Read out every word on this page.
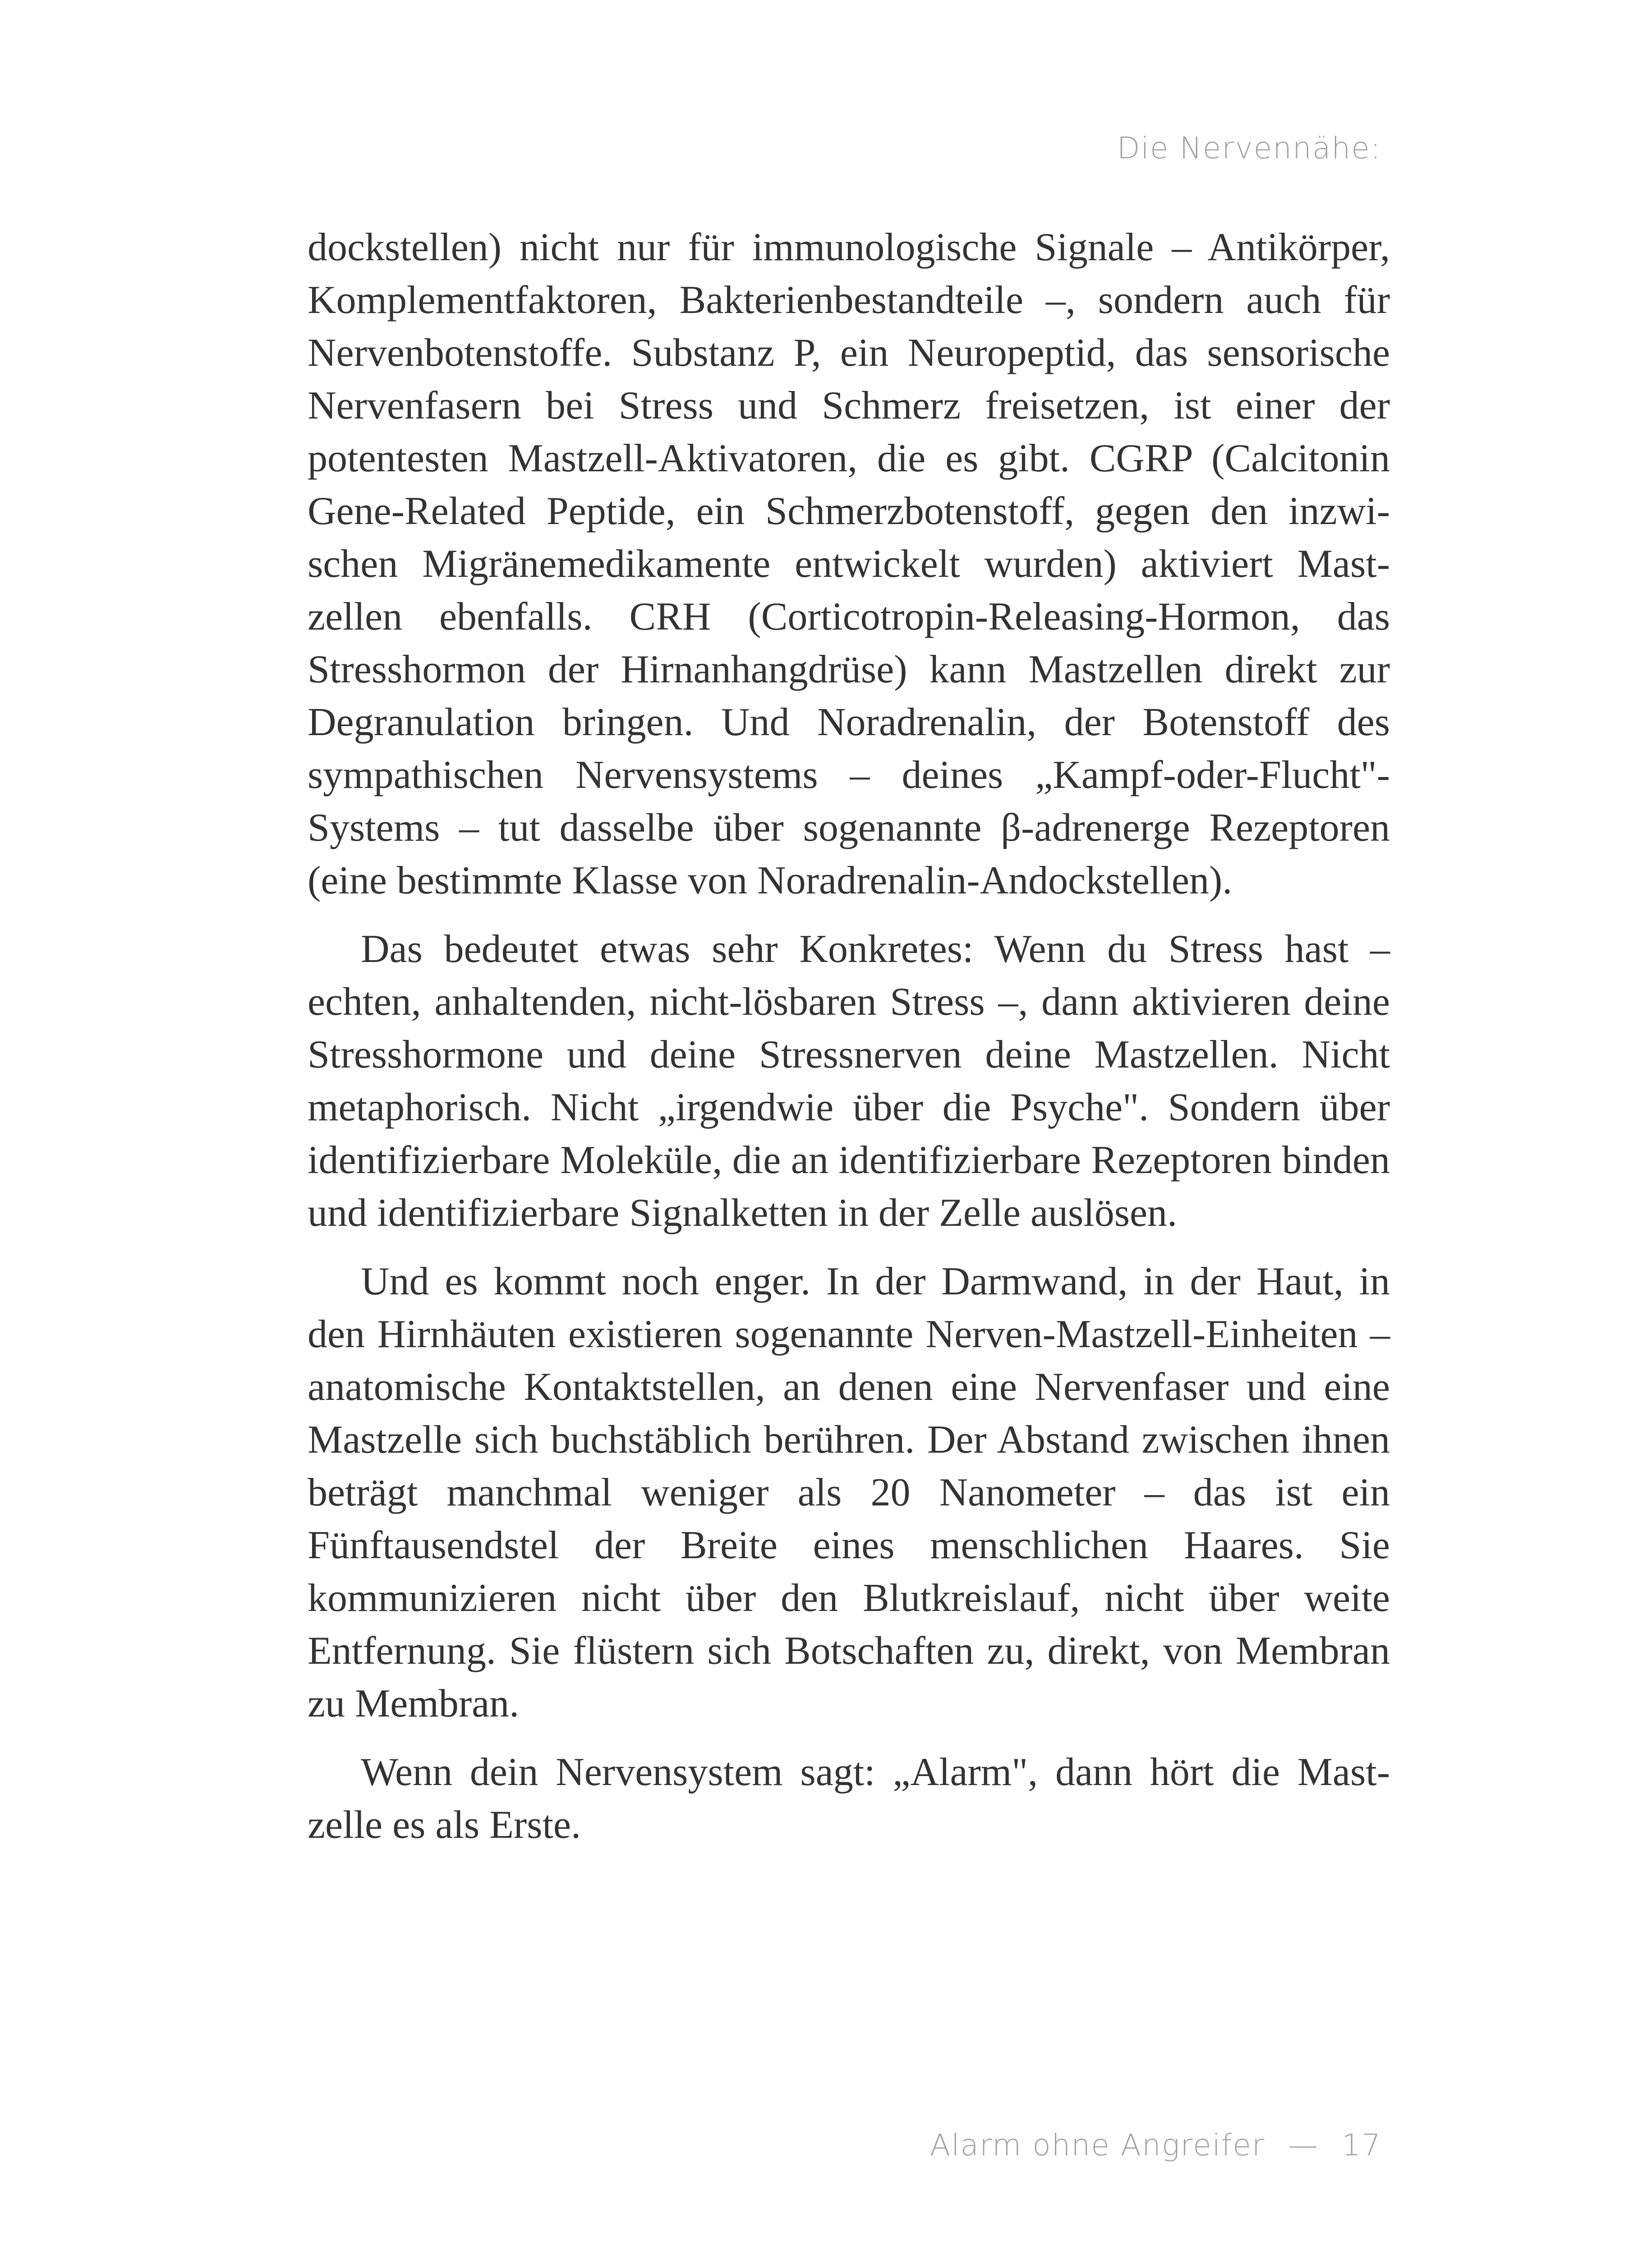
Die Nervennähe:

dockstellen) nicht nur für immunologische Signale – Antikörper, Komplementfaktoren, Bakterienbestandteile –, sondern auch für Nervenbotenstoffe. Substanz P, ein Neuropeptid, das sensorische Nervenfasern bei Stress und Schmerz freisetzen, ist einer der potentesten Mastzell-Aktivatoren, die es gibt. CGRP (Calcitonin Gene-Related Peptide, ein Schmerzbotenstoff, gegen den inzwischen Migränemedikamente entwickelt wurden) aktiviert Mastzellen ebenfalls. CRH (Corticotropin-Releasing-Hormon, das Stresshormon der Hirnanhangdrüse) kann Mastzellen direkt zur Degranulation bringen. Und Noradrenalin, der Botenstoff des sympathischen Nervensystems – deines „Kampf-oder-Flucht"-Systems – tut dasselbe über sogenannte β-adrenerge Rezeptoren (eine bestimmte Klasse von Noradrenalin-Andockstellen).

Das bedeutet etwas sehr Konkretes: Wenn du Stress hast – echten, anhaltenden, nicht-lösbaren Stress –, dann aktivieren deine Stresshormone und deine Stressnerven deine Mastzellen. Nicht metaphorisch. Nicht „irgendwie über die Psyche". Sondern über identifizierbare Moleküle, die an identifizierbare Rezeptoren binden und identifizierbare Signalketten in der Zelle auslösen.

Und es kommt noch enger. In der Darmwand, in der Haut, in den Hirnhäuten existieren sogenannte Nerven-Mastzell-Einheiten – anatomische Kontaktstellen, an denen eine Nervenfaser und eine Mastzelle sich buchstäblich berühren. Der Abstand zwischen ihnen beträgt manchmal weniger als 20 Nanometer – das ist ein Fünftausendstel der Breite eines menschlichen Haares. Sie kommunizieren nicht über den Blutkreislauf, nicht über weite Entfernung. Sie flüstern sich Botschaften zu, direkt, von Membran zu Membran.

Wenn dein Nervensystem sagt: „Alarm", dann hört die Mastzelle es als Erste.

Alarm ohne Angreifer — 17
